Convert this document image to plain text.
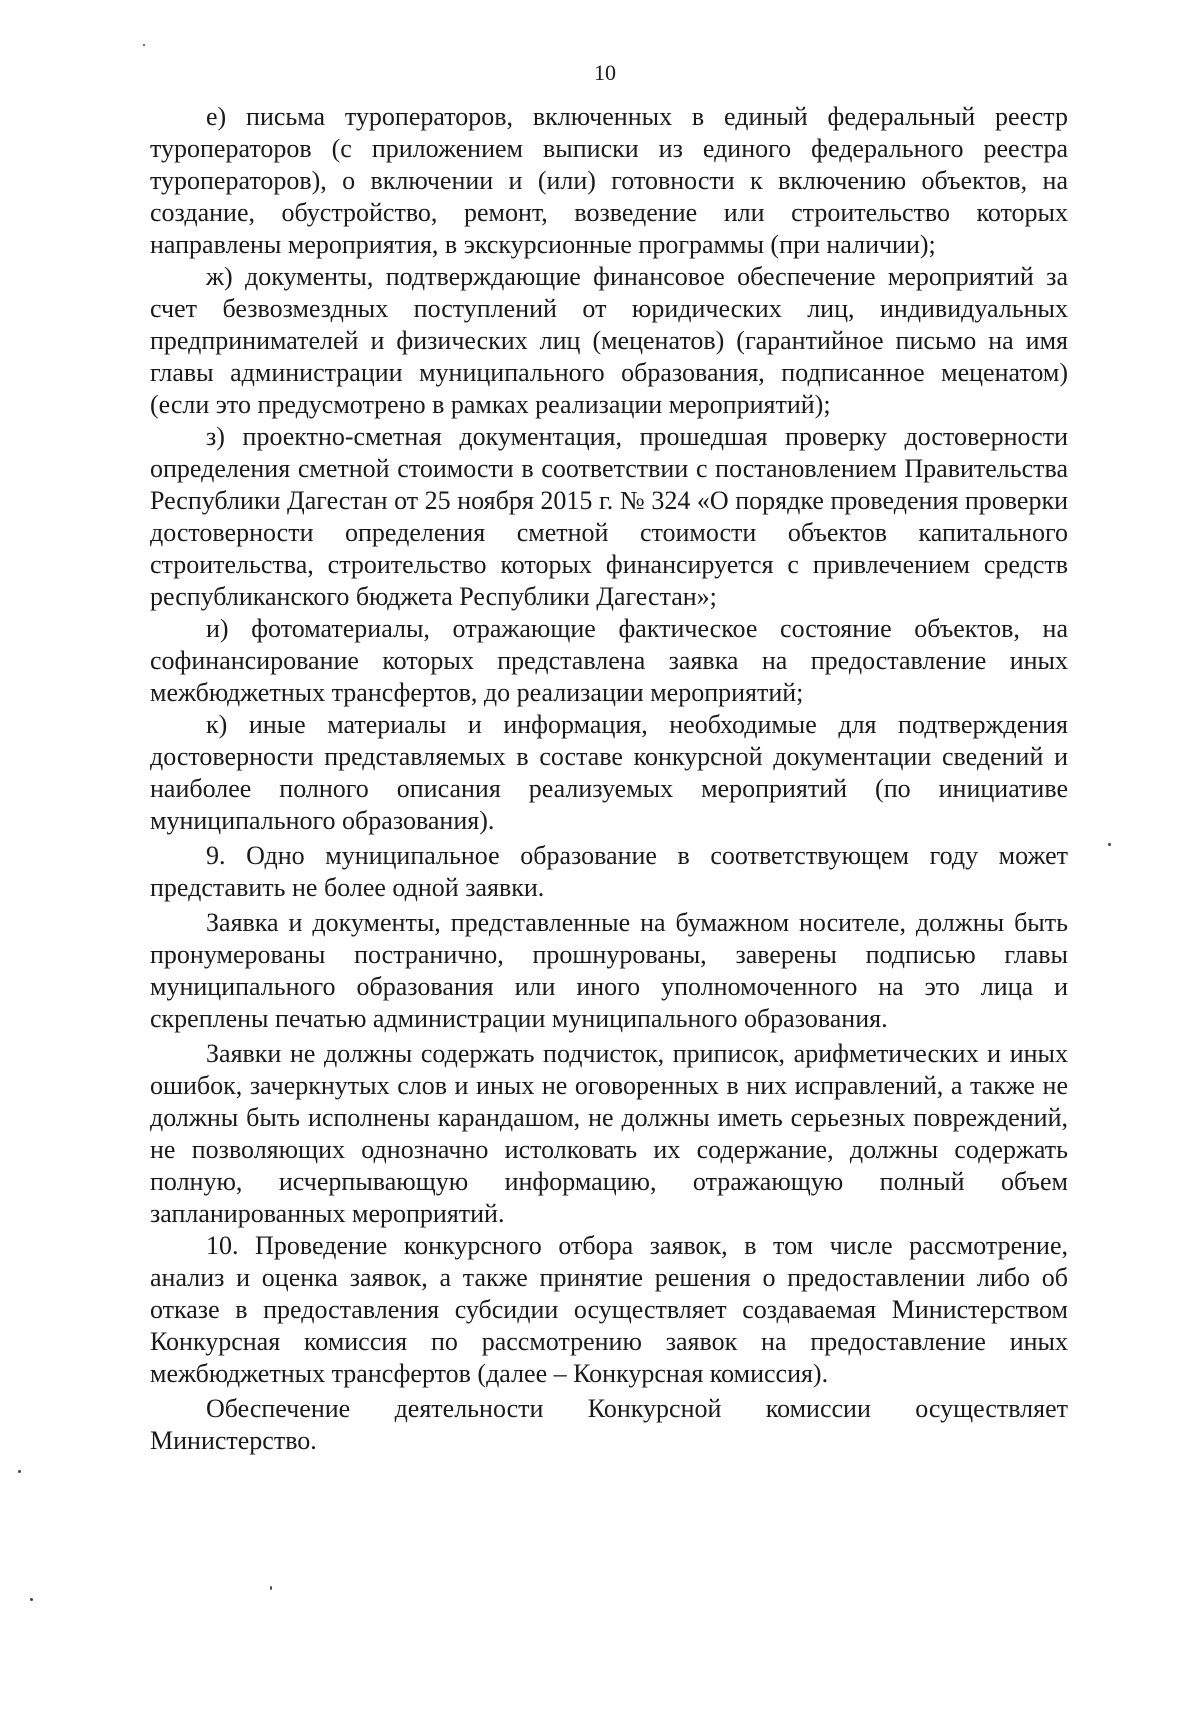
10

е) письма туроператоров, включенных в единый федеральный реестр туроператоров (с приложением выписки из единого федерального реестра туроператоров), о включении и (или) готовности к включению объектов, на создание, обустройство, ремонт, возведение или строительство которых направлены мероприятия, в экскурсионные программы (при наличии);

ж) документы, подтверждающие финансовое обеспечение мероприятий за счет безвозмездных поступлений от юридических лиц, индивидуальных предпринимателей и физических лиц (меценатов) (гарантийное письмо на имя главы администрации муниципального образования, подписанное меценатом) (если это предусмотрено в рамках реализации мероприятий);

з) проектно-сметная документация, прошедшая проверку достоверности определения сметной стоимости в соответствии с постановлением Правительства Республики Дагестан от 25 ноября 2015 г. № 324 «О порядке проведения проверки достоверности определения сметной стоимости объектов капитального строительства, строительство которых финансируется с привлечением средств республиканского бюджета Республики Дагестан»;

и) фотоматериалы, отражающие фактическое состояние объектов, на софинансирование которых представлена заявка на предоставление иных межбюджетных трансфертов, до реализации мероприятий;

к) иные материалы и информация, необходимые для подтверждения достоверности представляемых в составе конкурсной документации сведений и наиболее полного описания реализуемых мероприятий (по инициативе муниципального образования).

9. Одно муниципальное образование в соответствующем году может представить не более одной заявки.

Заявка и документы, представленные на бумажном носителе, должны быть пронумерованы постранично, прошнурованы, заверены подписью главы муниципального образования или иного уполномоченного на это лица и скреплены печатью администрации муниципального образования.

Заявки не должны содержать подчисток, приписок, арифметических и иных ошибок, зачеркнутых слов и иных не оговоренных в них исправлений, а также не должны быть исполнены карандашом, не должны иметь серьезных повреждений, не позволяющих однозначно истолковать их содержание, должны содержать полную, исчерпывающую информацию, отражающую полный объем запланированных мероприятий.

10. Проведение конкурсного отбора заявок, в том числе рассмотрение, анализ и оценка заявок, а также принятие решения о предоставлении либо об отказе в предоставления субсидии осуществляет создаваемая Министерством Конкурсная комиссия по рассмотрению заявок на предоставление иных межбюджетных трансфертов (далее – Конкурсная комиссия).

Обеспечение деятельности Конкурсной комиссии осуществляет Министерство.
